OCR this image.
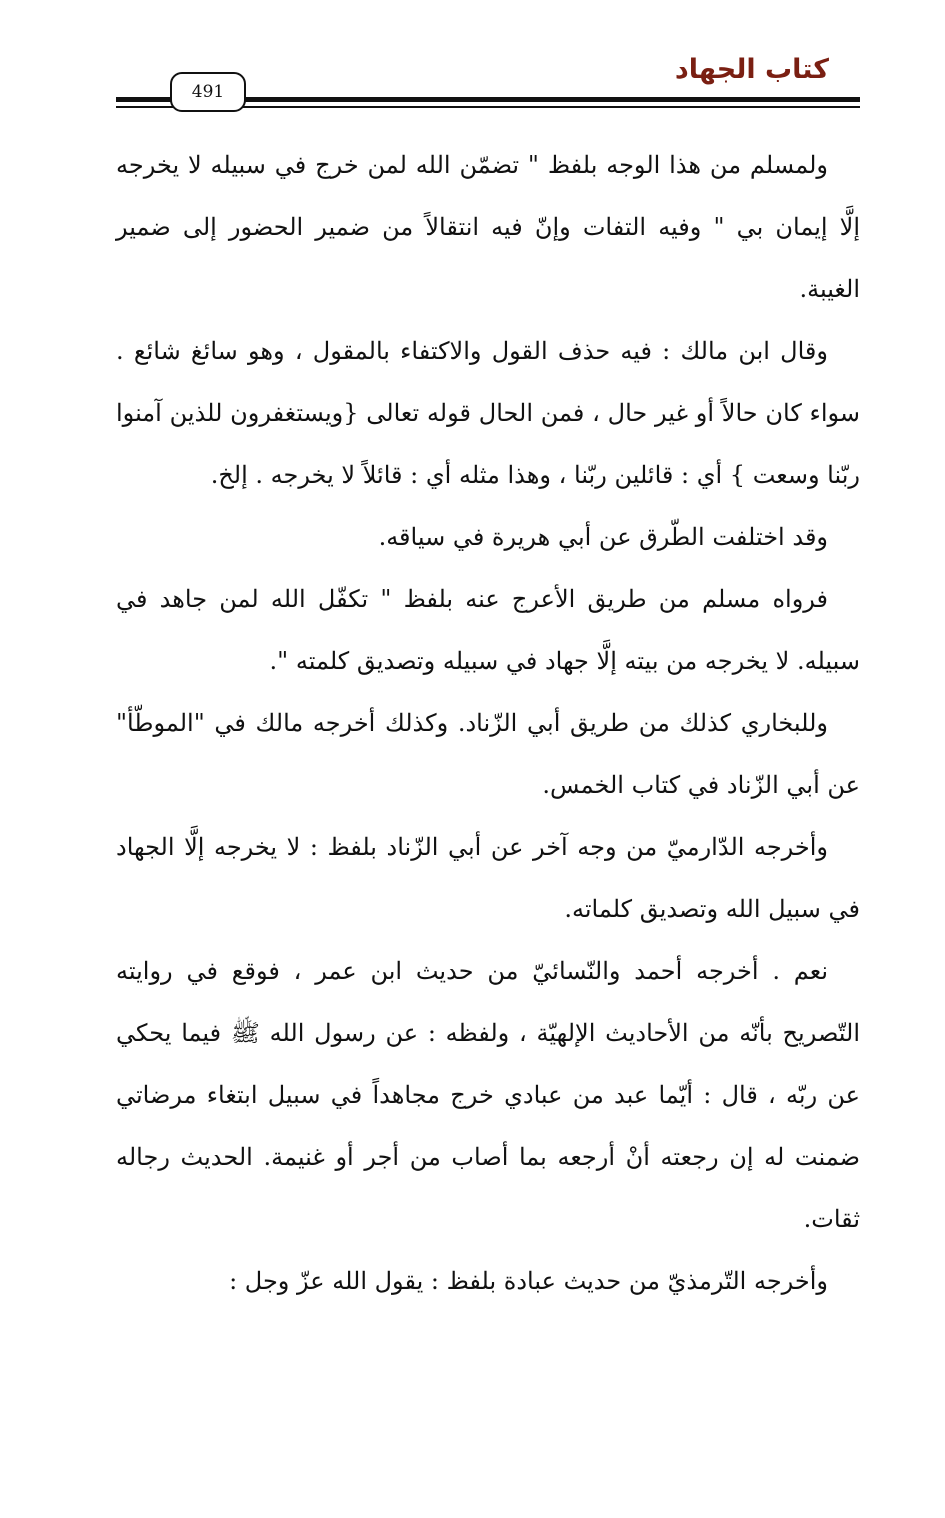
كتاب الجهاد
491

ولمسلم من هذا الوجه بلفظ " تضمّن الله لمن خرج في سبيله لا يخرجه إلَّا إيمان بي " وفيه التفات وإنّ فيه انتقالاً من ضمير الحضور إلى ضمير الغيبة.

وقال ابن مالك : فيه حذف القول والاكتفاء بالمقول ، وهو سائغ شائع . سواء كان حالاً أو غير حال ، فمن الحال قوله تعالى {ويستغفرون للذين آمنوا ربّنا وسعت } أي : قائلين ربّنا ، وهذا مثله أي : قائلاً لا يخرجه . إلخ.

وقد اختلفت الطّرق عن أبي هريرة في سياقه.

فرواه مسلم من طريق الأعرج عنه بلفظ " تكفّل الله لمن جاهد في سبيله. لا يخرجه من بيته إلَّا جهاد في سبيله وتصديق كلمته ".

وللبخاري كذلك من طريق أبي الزّناد. وكذلك أخرجه مالك في "الموطّأ" عن أبي الزّناد في كتاب الخمس.

وأخرجه الدّارميّ من وجه آخر عن أبي الزّناد بلفظ : لا يخرجه إلَّا الجهاد في سبيل الله وتصديق كلماته.

نعم . أخرجه أحمد والنّسائيّ من حديث ابن عمر ، فوقع في روايته التّصريح بأنّه من الأحاديث الإلهيّة ، ولفظه : عن رسول الله ﷺ فيما يحكي عن ربّه ، قال : أيّما عبد من عبادي خرج مجاهداً في سبيل ابتغاء مرضاتي ضمنت له إن رجعته أنْ أرجعه بما أصاب من أجر أو غنيمة. الحديث رجاله ثقات.

وأخرجه التّرمذيّ من حديث عبادة بلفظ : يقول الله عزّ وجل :
